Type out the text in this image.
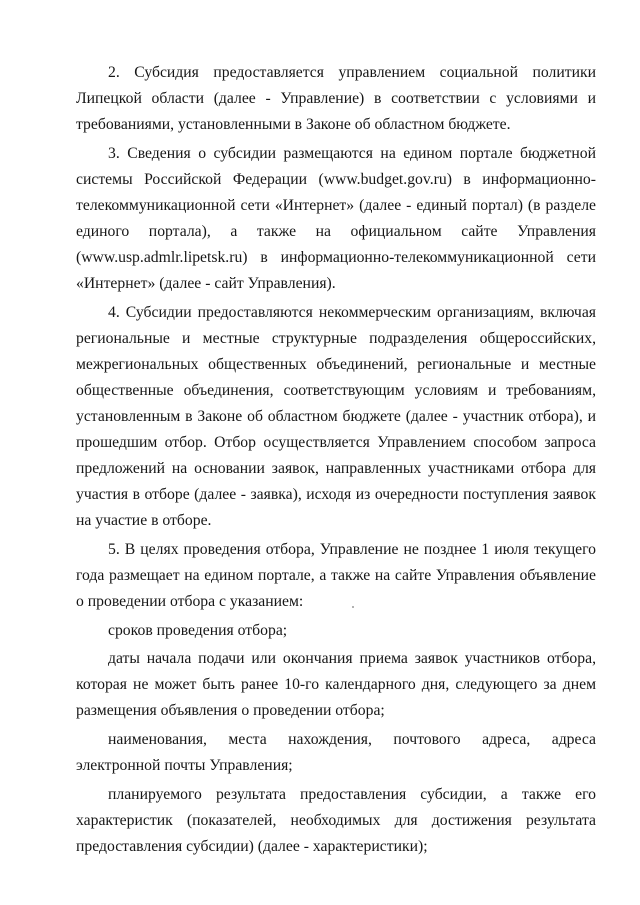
2. Субсидия предоставляется управлением социальной политики Липецкой области (далее - Управление) в соответствии с условиями и требованиями, установленными в Законе об областном бюджете.

3. Сведения о субсидии размещаются на едином портале бюджетной системы Российской Федерации (www.budget.gov.ru) в информационно-телекоммуникационной сети «Интернет» (далее - единый портал) (в разделе единого портала), а также на официальном сайте Управления (www.usp.admlr.lipetsk.ru) в информационно-телекоммуникационной сети «Интернет» (далее - сайт Управления).

4. Субсидии предоставляются некоммерческим организациям, включая региональные и местные структурные подразделения общероссийских, межрегиональных общественных объединений, региональные и местные общественные объединения, соответствующим условиям и требованиям, установленным в Законе об областном бюджете (далее - участник отбора), и прошедшим отбор. Отбор осуществляется Управлением способом запроса предложений на основании заявок, направленных участниками отбора для участия в отборе (далее - заявка), исходя из очередности поступления заявок на участие в отборе.

5. В целях проведения отбора, Управление не позднее 1 июля текущего года размещает на едином портале, а также на сайте Управления объявление о проведении отбора с указанием:

сроков проведения отбора;

даты начала подачи или окончания приема заявок участников отбора, которая не может быть ранее 10-го календарного дня, следующего за днем размещения объявления о проведении отбора;

наименования, места нахождения, почтового адреса, адреса электронной почты Управления;

планируемого результата предоставления субсидии, а также его характеристик (показателей, необходимых для достижения результата предоставления субсидии) (далее - характеристики);
